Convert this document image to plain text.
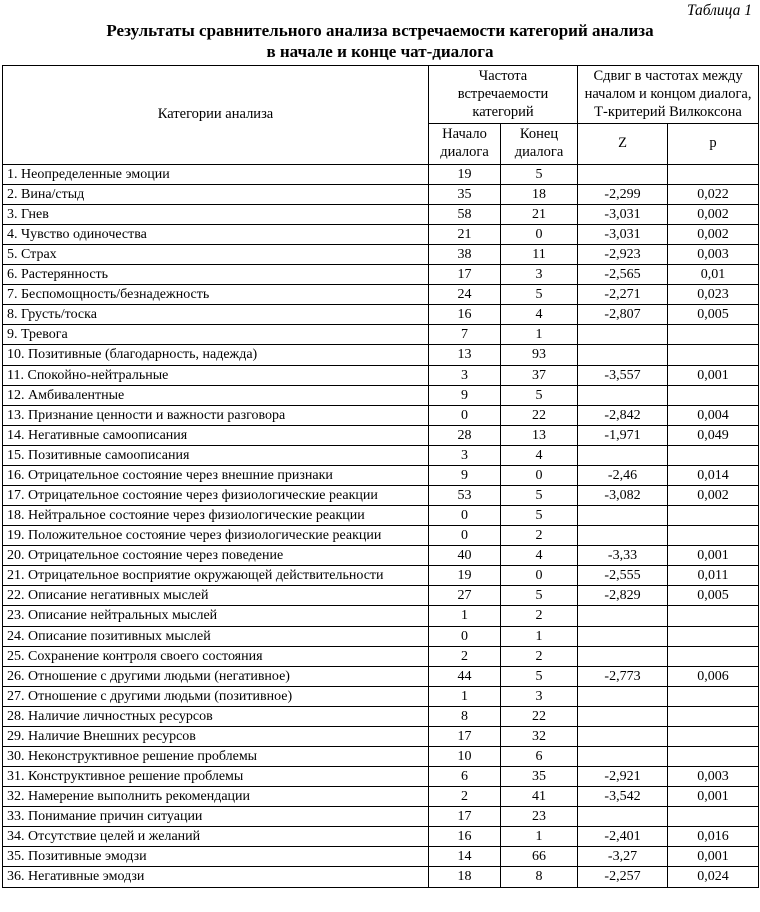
Таблица 1
Результаты сравнительного анализа встречаемости категорий анализа
в начале и конце чат-диалога
Категории анализа	Частота встречаемости категорий		Сдвиг в частотах между началом и концом диалога, Т-критерий Вилкоксона	
	Начало диалога	Конец диалога	Z	p
1. Неопределенные эмоции	19	5		
2. Вина/стыд	35	18	-2,299	0,022
3. Гнев	58	21	-3,031	0,002
4. Чувство одиночества	21	0	-3,031	0,002
5. Страх	38	11	-2,923	0,003
6. Растерянность	17	3	-2,565	0,01
7. Беспомощность/безнадежность	24	5	-2,271	0,023
8. Грусть/тоска	16	4	-2,807	0,005
9. Тревога	7	1		
10. Позитивные (благодарность, надежда)	13	93		
11. Спокойно-нейтральные	3	37	-3,557	0,001
12. Амбивалентные	9	5		
13. Признание ценности и важности разговора	0	22	-2,842	0,004
14. Негативные самоописания	28	13	-1,971	0,049
15. Позитивные самоописания	3	4		
16. Отрицательное состояние через внешние признаки	9	0	-2,46	0,014
17. Отрицательное состояние через физиологические реакции	53	5	-3,082	0,002
18. Нейтральное состояние через физиологические реакции	0	5		
19. Положительное состояние через физиологические реакции	0	2		
20. Отрицательное состояние через поведение	40	4	-3,33	0,001
21. Отрицательное восприятие окружающей действительности	19	0	-2,555	0,011
22. Описание негативных мыслей	27	5	-2,829	0,005
23. Описание нейтральных мыслей	1	2		
24. Описание позитивных мыслей	0	1		
25. Сохранение контроля своего состояния	2	2		
26. Отношение с другими людьми (негативное)	44	5	-2,773	0,006
27. Отношение с другими людьми (позитивное)	1	3		
28. Наличие личностных ресурсов	8	22		
29. Наличие Внешних ресурсов	17	32		
30. Неконструктивное решение проблемы	10	6		
31. Конструктивное решение проблемы	6	35	-2,921	0,003
32. Намерение выполнить рекомендации	2	41	-3,542	0,001
33. Понимание причин ситуации	17	23		
34. Отсутствие целей и желаний	16	1	-2,401	0,016
35. Позитивные эмодзи	14	66	-3,27	0,001
36. Негативные эмодзи	18	8	-2,257	0,024
